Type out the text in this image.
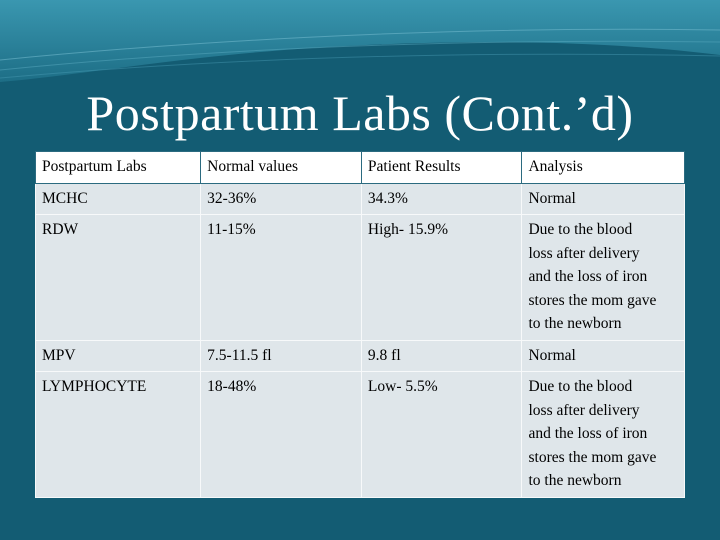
Postpartum Labs (Cont.’d)
Postpartum Labs	Normal values	Patient Results	Analysis

MCHC	32-36%	34.3%	Normal

RDW	11-15%	High- 15.9%	Due to the blood
loss after delivery
and the loss of iron
stores the mom gave
to the newborn

MPV	7.5-11.5 fl	9.8 fl	Normal

LYMPHOCYTE	18-48%	Low- 5.5%	Due to the blood
loss after delivery
and the loss of iron
stores the mom gave
to the newborn
